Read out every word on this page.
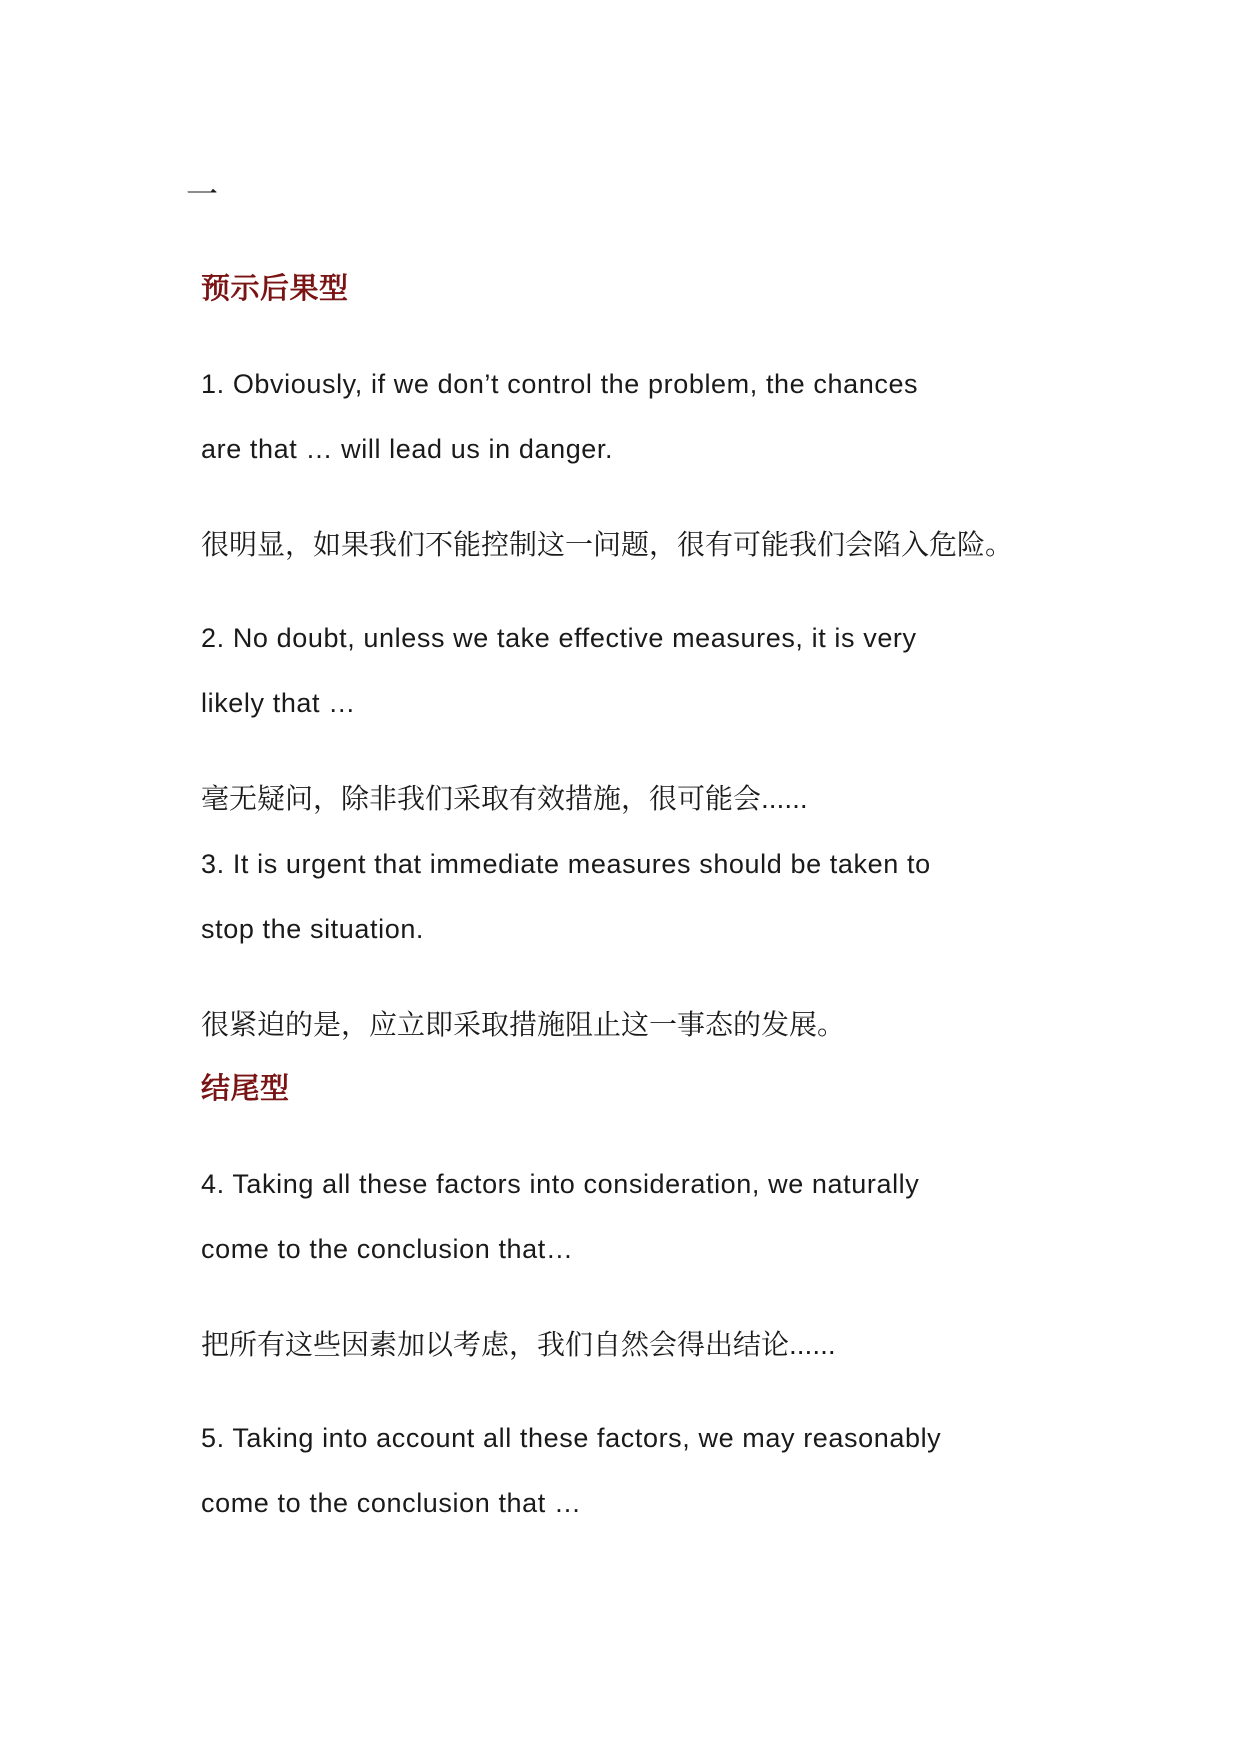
一
预示后果型
1. Obviously, if we don’t control the problem, the chances
are that … will lead us in danger.
很明显，如果我们不能控制这一问题，很有可能我们会陷入危险。
2. No doubt, unless we take effective measures, it is very
likely that …
毫无疑问，除非我们采取有效措施，很可能会......
3. It is urgent that immediate measures should be taken to
stop the situation.
很紧迫的是，应立即采取措施阻止这一事态的发展。
结尾型
4. Taking all these factors into consideration, we naturally
come to the conclusion that…
把所有这些因素加以考虑，我们自然会得出结论......
5. Taking into account all these factors, we may reasonably
come to the conclusion that …
